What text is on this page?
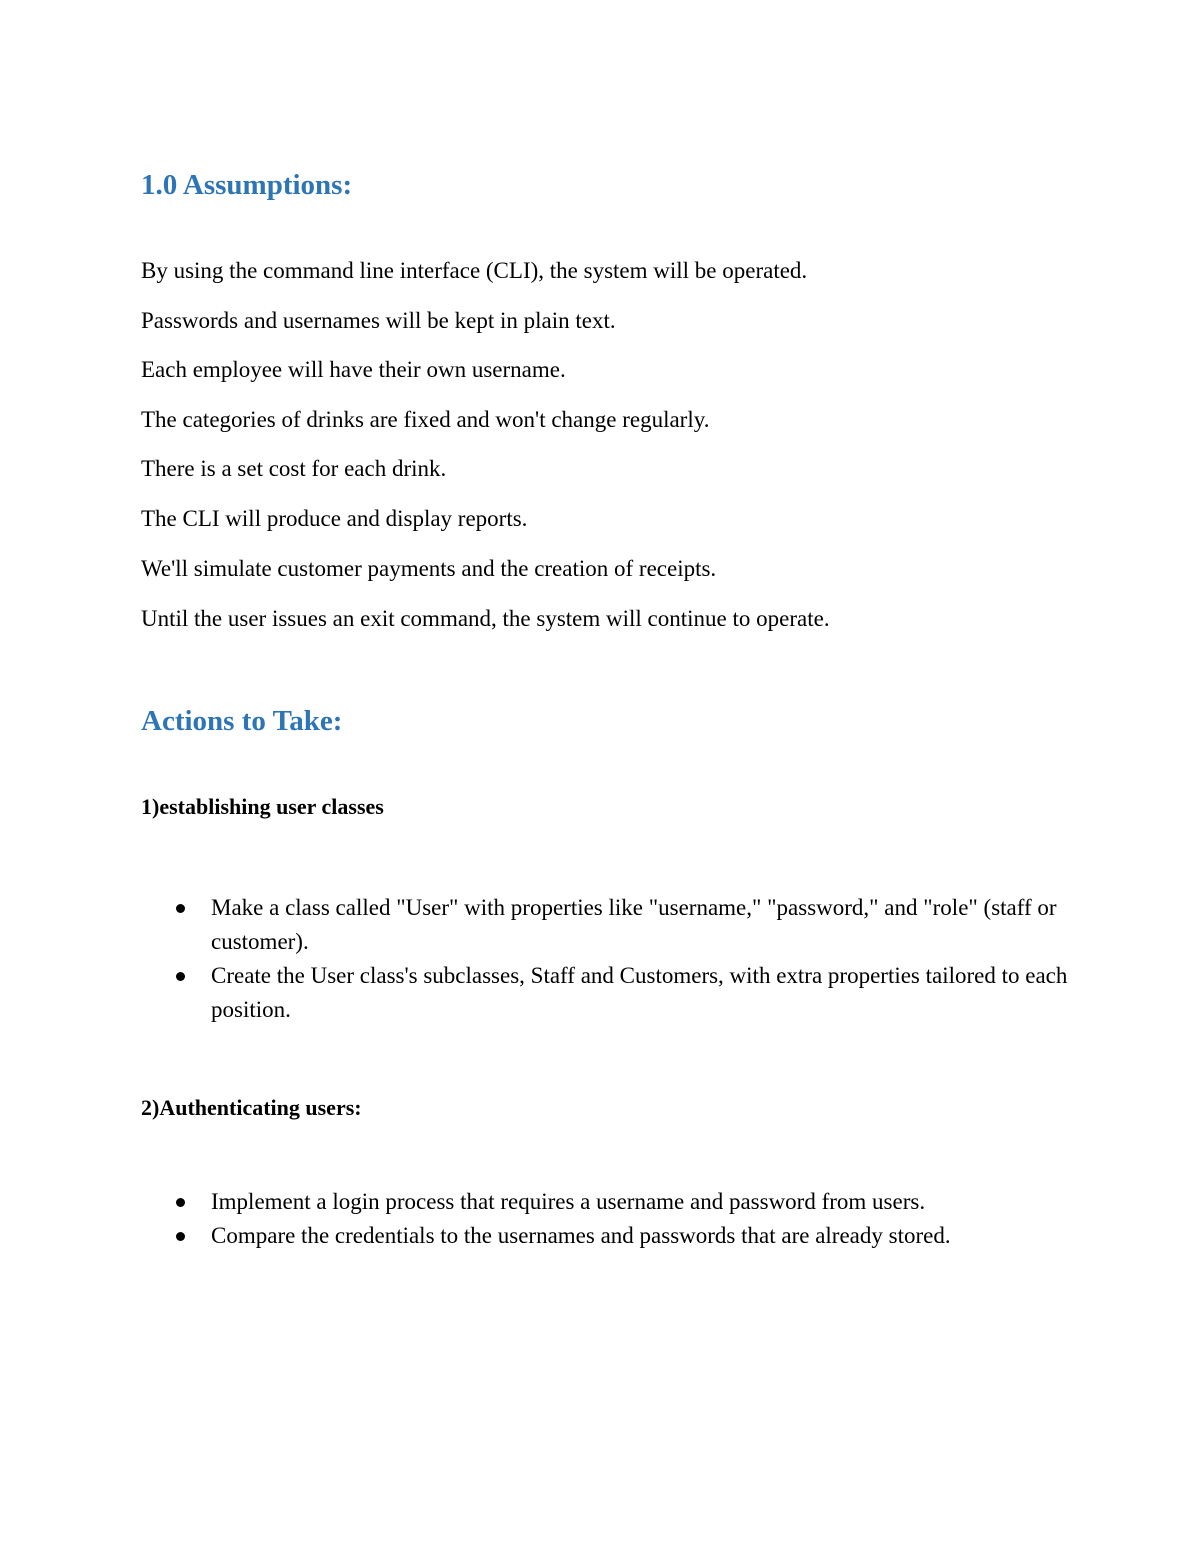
1.0 Assumptions:

By using the command line interface (CLI), the system will be operated.

Passwords and usernames will be kept in plain text.

Each employee will have their own username.

The categories of drinks are fixed and won't change regularly.

There is a set cost for each drink.

The CLI will produce and display reports.

We'll simulate customer payments and the creation of receipts.

Until the user issues an exit command, the system will continue to operate.

Actions to Take:
1)establishing user classes
Make a class called "User" with properties like "username," "password," and "role" (staff or customer).
Create the User class's subclasses, Staff and Customers, with extra properties tailored to each position.
2)Authenticating users:
Implement a login process that requires a username and password from users.
Compare the credentials to the usernames and passwords that are already stored.
